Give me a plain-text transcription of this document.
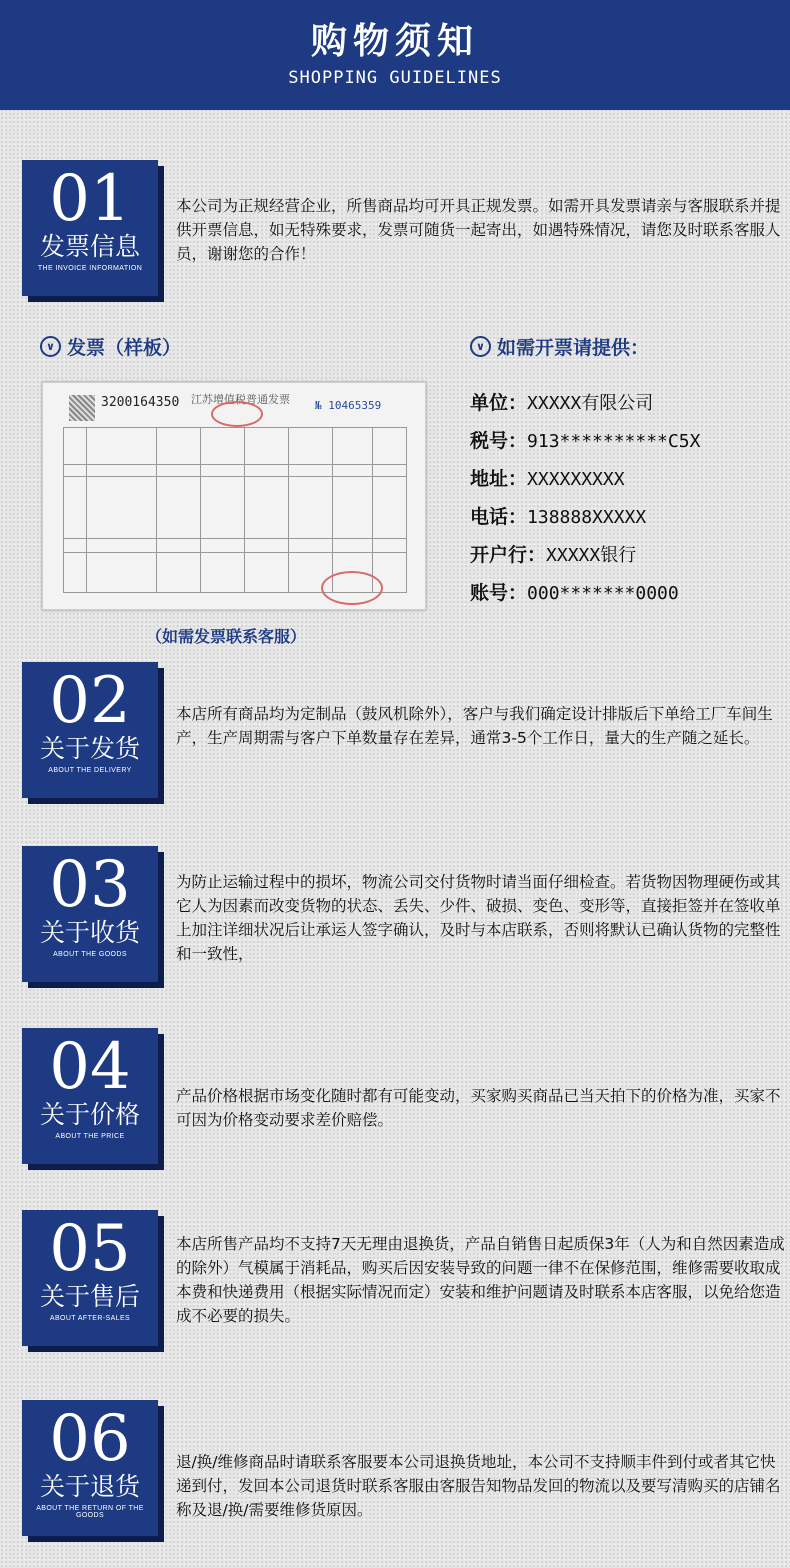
购物须知
SHOPPING GUIDELINES
01
发票信息
THE INVOICE INFORMATION
本公司为正规经营企业，所售商品均可开具正规发票。如需开具发票请亲与客服联系并提供开票信息，如无特殊要求，发票可随货一起寄出，如遇特殊情况，请您及时联系客服人员，谢谢您的合作！
∨ 发票（样板）	∨ 如需开票请提供：
3200164350 江苏增值税普通发票 № 10465359
（如需发票联系客服）
单位：XXXXX有限公司
税号：913**********C5X
地址：XXXXXXXXX
电话：138888XXXXX
开户行：XXXXX银行
账号：000*******0000
02
关于发货
ABOUT THE DELIVERY
本店所有商品均为定制品（鼓风机除外），客户与我们确定设计排版后下单给工厂车间生产，生产周期需与客户下单数量存在差异，通常3-5个工作日，量大的生产随之延长。
03
关于收货
ABOUT THE GOODS
为防止运输过程中的损坏，物流公司交付货物时请当面仔细检查。若货物因物理硬伤或其它人为因素而改变货物的状态、丢失、少件、破损、变色、变形等，直接拒签并在签收单上加注详细状况后让承运人签字确认，及时与本店联系，否则将默认已确认货物的完整性和一致性，
04
关于价格
ABOUT THE PRICE
产品价格根据市场变化随时都有可能变动，买家购买商品已当天拍下的价格为准，买家不可因为价格变动要求差价赔偿。
05
关于售后
ABOUT AFTER-SALES
本店所售产品均不支持7天无理由退换货，产品自销售日起质保3年（人为和自然因素造成的除外）气模属于消耗品，购买后因安装导致的问题一律不在保修范围，维修需要收取成本费和快递费用（根据实际情况而定）安装和维护问题请及时联系本店客服，以免给您造成不必要的损失。
06
关于退货
ABOUT THE RETURN OF THE GOODS
退/换/维修商品时请联系客服要本公司退换货地址，本公司不支持顺丰件到付或者其它快递到付，发回本公司退货时联系客服由客服告知物品发回的物流以及要写清购买的店铺名称及退/换/需要维修货原因。
